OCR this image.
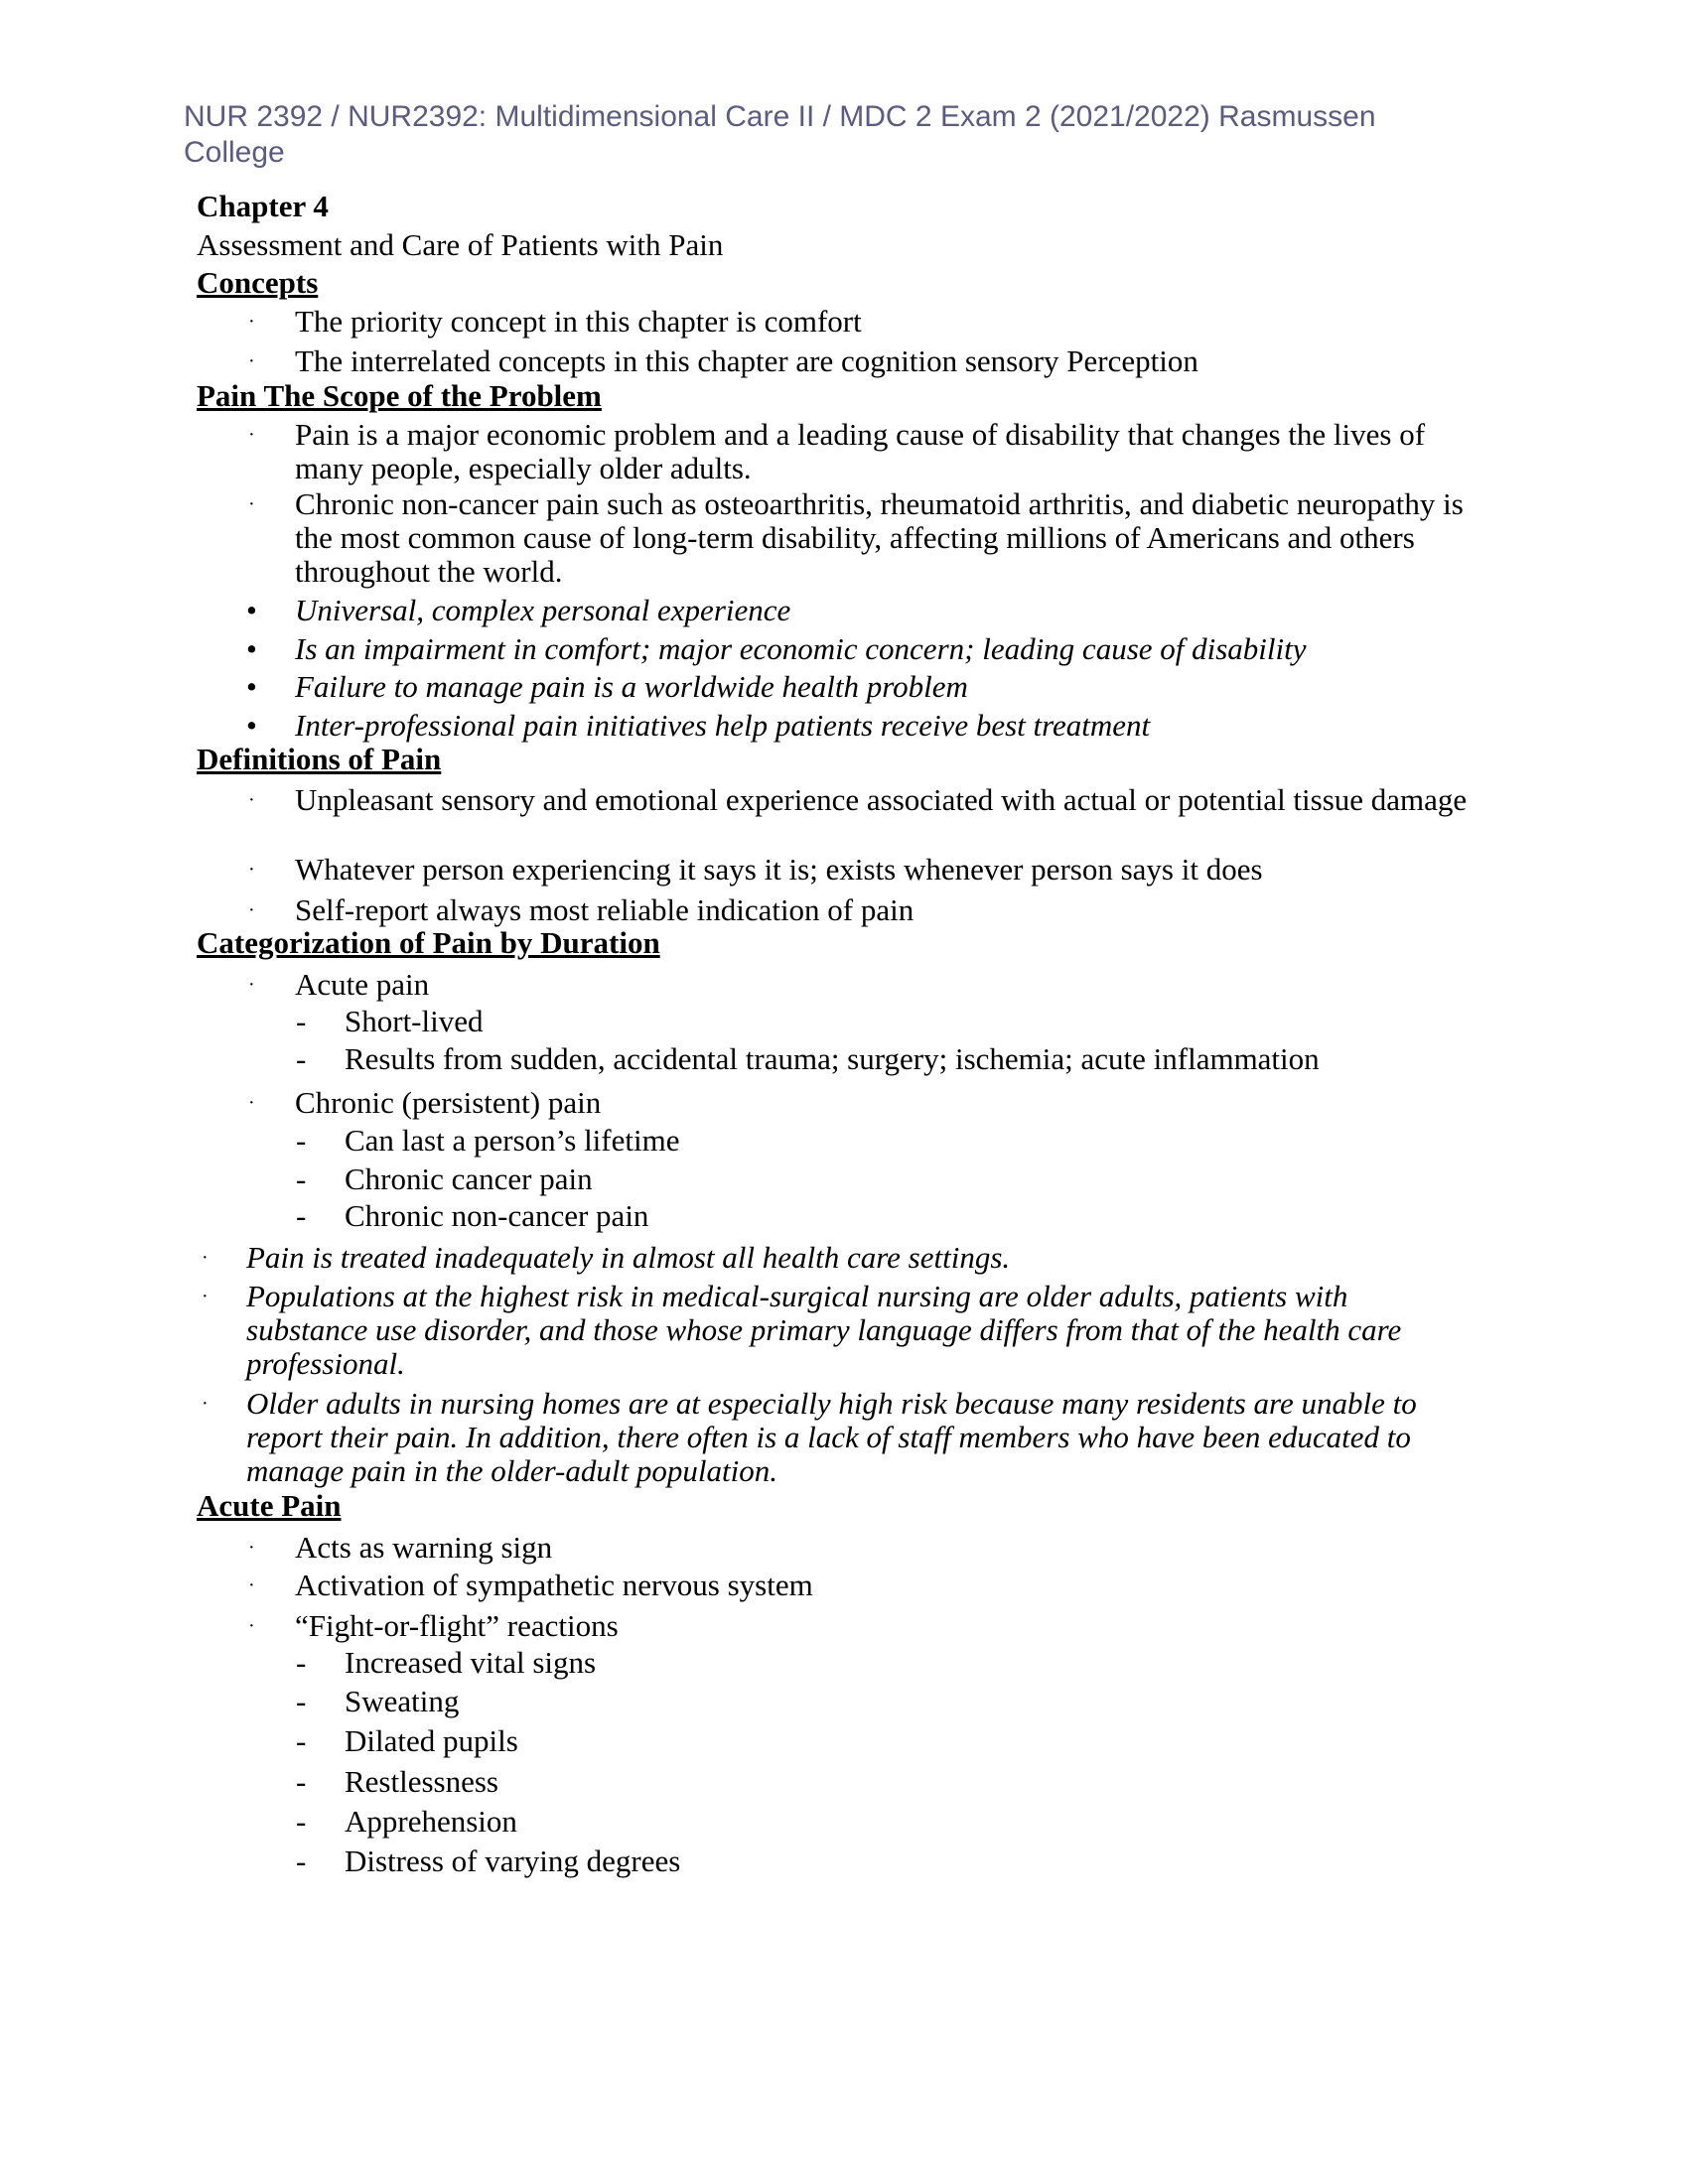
NUR 2392 / NUR2392: Multidimensional Care II / MDC 2 Exam 2 (2021/2022) Rasmussen College
Chapter 4
Assessment and Care of Patients with Pain
Concepts
· The priority concept in this chapter is comfort
· The interrelated concepts in this chapter are cognition sensory Perception
Pain The Scope of the Problem
· Pain is a major economic problem and a leading cause of disability that changes the lives of many people, especially older adults.
· Chronic non-cancer pain such as osteoarthritis, rheumatoid arthritis, and diabetic neuropathy is the most common cause of long-term disability, affecting millions of Americans and others throughout the world.
• Universal, complex personal experience
• Is an impairment in comfort; major economic concern; leading cause of disability
• Failure to manage pain is a worldwide health problem
• Inter-professional pain initiatives help patients receive best treatment
Definitions of Pain
· Unpleasant sensory and emotional experience associated with actual or potential tissue damage
· Whatever person experiencing it says it is; exists whenever person says it does
· Self-report always most reliable indication of pain
Categorization of Pain by Duration
· Acute pain
- Short-lived
- Results from sudden, accidental trauma; surgery; ischemia; acute inflammation
· Chronic (persistent) pain
- Can last a person’s lifetime
- Chronic cancer pain
- Chronic non-cancer pain
· Pain is treated inadequately in almost all health care settings.
· Populations at the highest risk in medical-surgical nursing are older adults, patients with substance use disorder, and those whose primary language differs from that of the health care professional.
· Older adults in nursing homes are at especially high risk because many residents are unable to report their pain. In addition, there often is a lack of staff members who have been educated to manage pain in the older-adult population.
Acute Pain
· Acts as warning sign
· Activation of sympathetic nervous system
· “Fight-or-flight” reactions
- Increased vital signs
- Sweating
- Dilated pupils
- Restlessness
- Apprehension
- Distress of varying degrees
